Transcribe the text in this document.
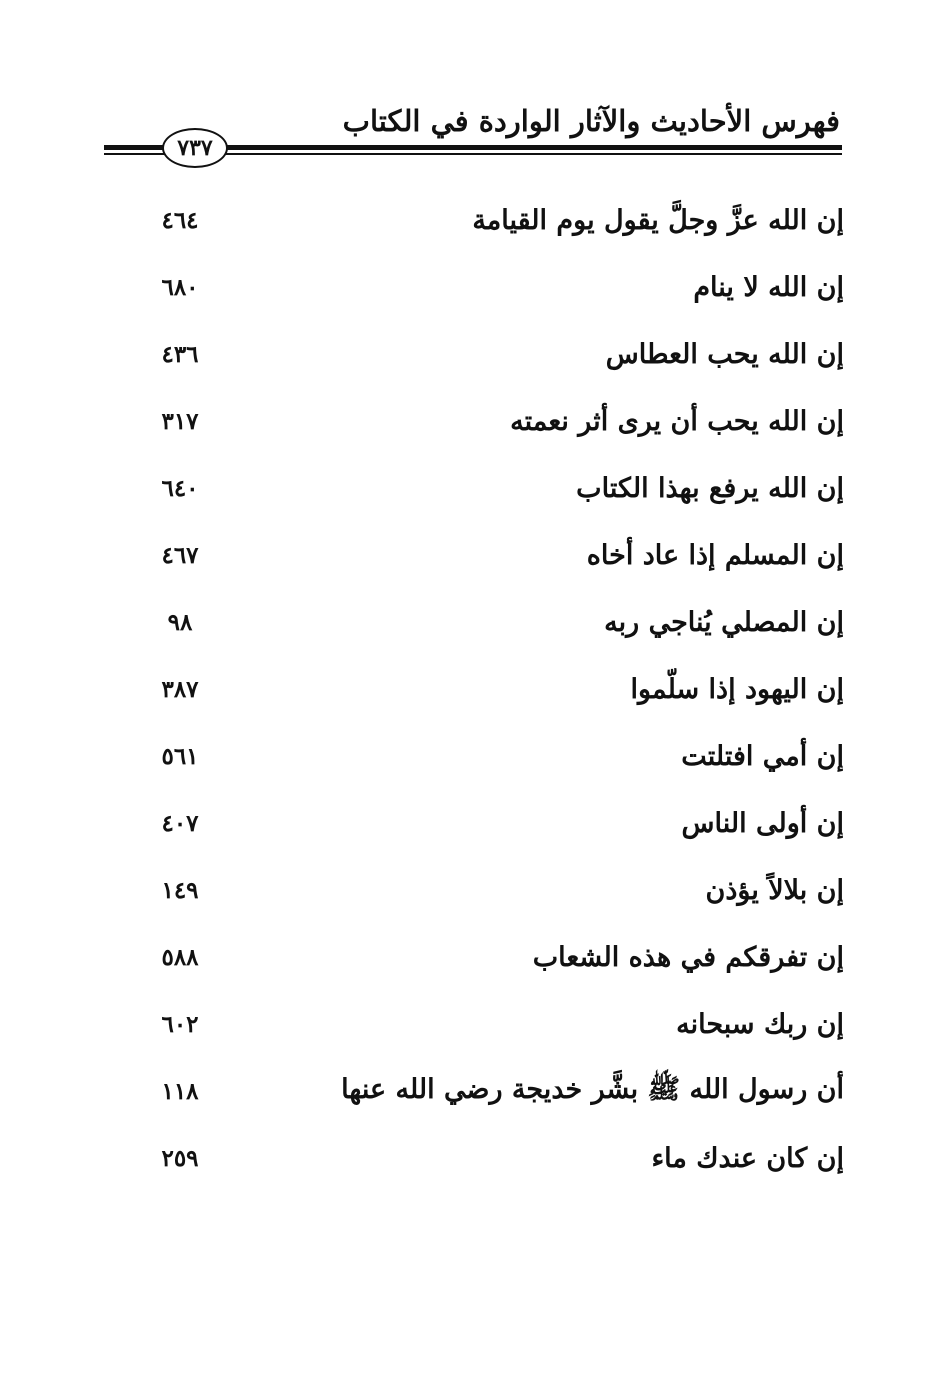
فهرس الأحاديث والآثار الواردة في الكتاب
٧٣٧
إن الله عزَّ وجلَّ يقول يوم القيامة
٤٦٤
إن الله لا ينام
٦٨٠
إن الله يحب العطاس
٤٣٦
إن الله يحب أن يرى أثر نعمته
٣١٧
إن الله يرفع بهذا الكتاب
٦٤٠
إن المسلم إذا عاد أخاه
٤٦٧
إن المصلي يُناجي ربه
٩٨
إن اليهود إذا سلّموا
٣٨٧
إن أمي افتلتت
٥٦١
إن أولى الناس
٤٠٧
إن بلالاً يؤذن
١٤٩
إن تفرقكم في هذه الشعاب
٥٨٨
إن ربك سبحانه
٦٠٢
أن رسول الله ﷺ بشَّر خديجة رضي الله عنها
١١٨
إن كان عندك ماء
٢٥٩
